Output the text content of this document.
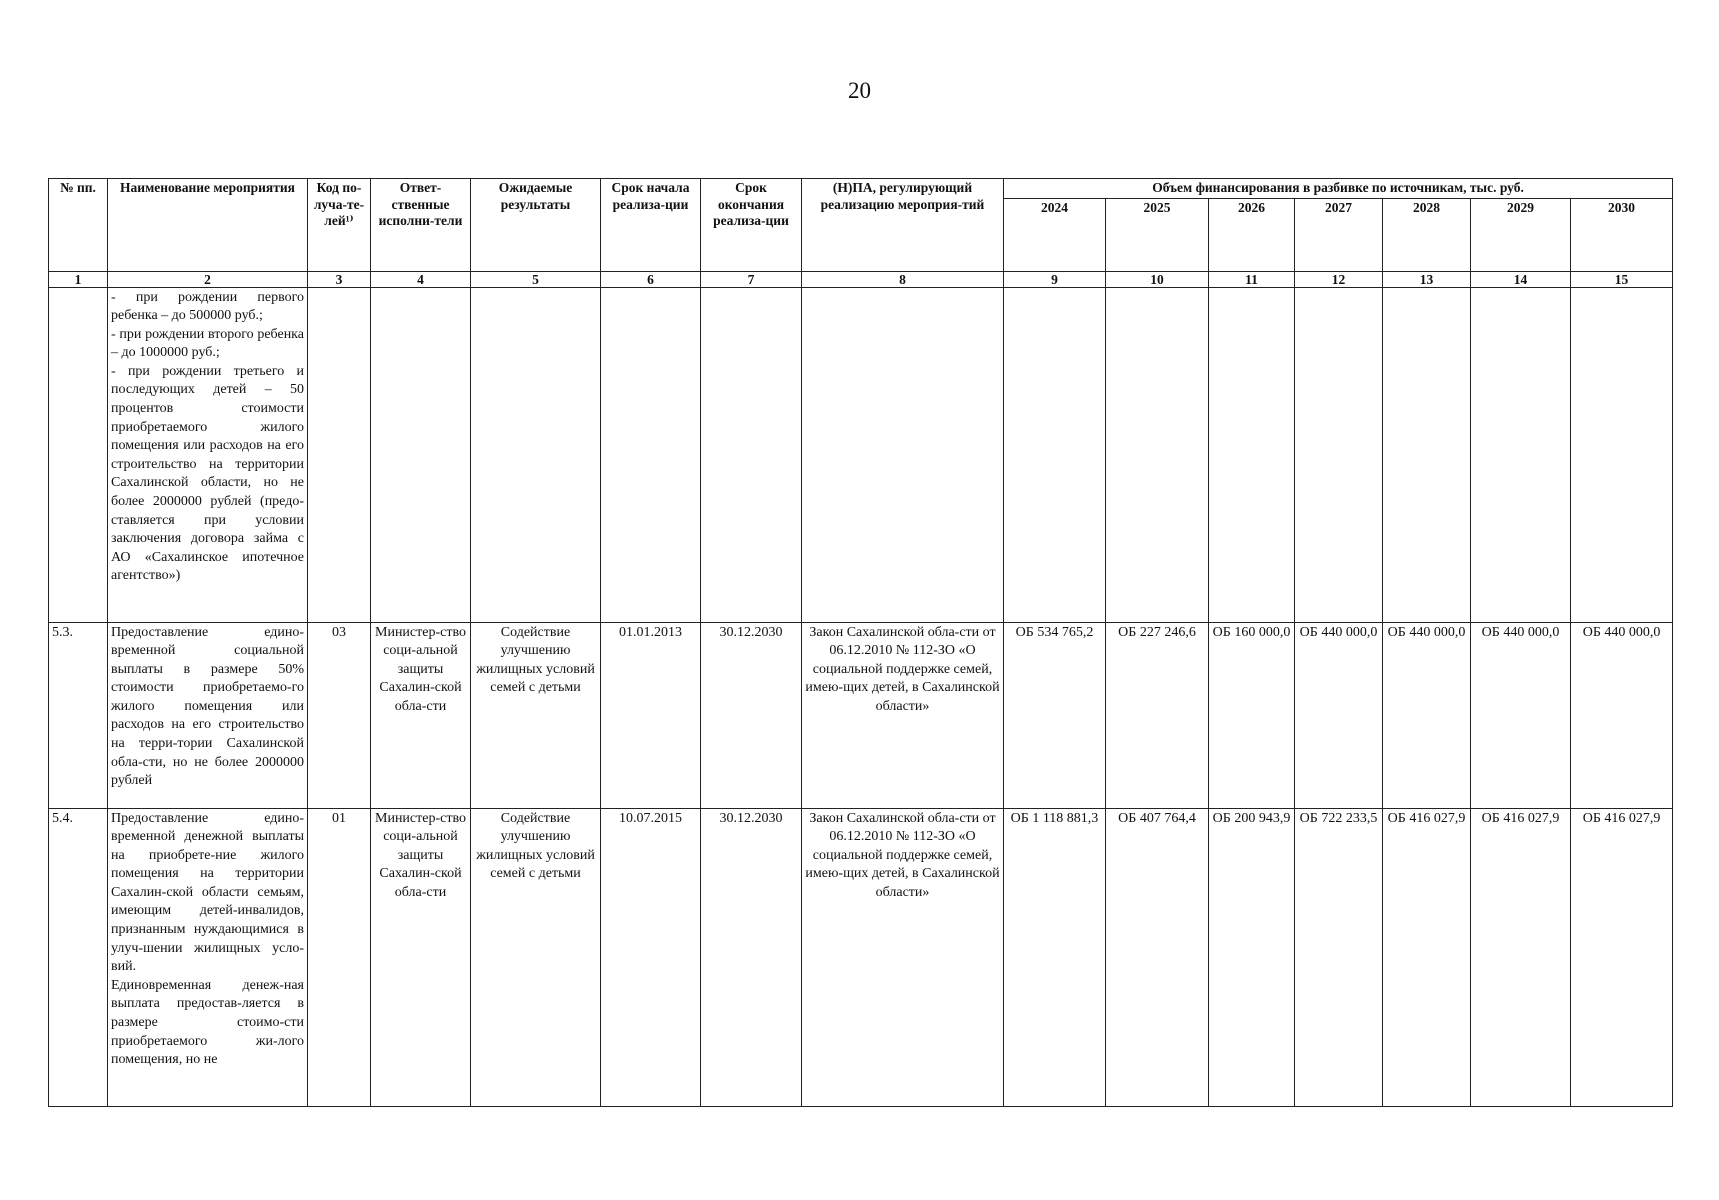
20
№ пп.	Наименование мероприятия	Код по-луча-те-лей¹⁾	Ответ-ственные исполни-тели	Ожидаемые результаты	Срок начала реализа-ции	Срок окончания реализа-ции	(Н)ПА, регулирующий реализацию мероприя-тий	Объем финансирования в разбивке по источникам, тыс. руб.						
								2024	2025	2026	2027	2028	2029	2030
1	2	3	4	5	6	7	8	9	10	11	12	13	14	15
	- при рождении первого ребенка – до 500000 руб.;
- при рождении второго ребенка – до 1000000 руб.;
- при рождении третьего и последующих детей – 50 процентов стоимости приобретаемого жилого помещения или расходов на его строительство на территории Сахалинской области, но не более 2000000 рублей (предо-ставляется при условии заключения договора займа с АО «Сахалинское ипотечное агентство»)													
5.3.	Предоставление едино-временной социальной выплаты в размере 50% стоимости приобретаемо-го жилого помещения или расходов на его строительство на терри-тории Сахалинской обла-сти, но не более 2000000 рублей	03	Министер-ство соци-альной защиты Сахалин-ской обла-сти	Содействие улучшению жилищных условий семей с детьми	01.01.2013	30.12.2030	Закон Сахалинской обла-сти от 06.12.2010 № 112-ЗО «О социальной поддержке семей, имею-щих детей, в Сахалинской области»	ОБ 534 765,2	ОБ 227 246,6	ОБ 160 000,0	ОБ 440 000,0	ОБ 440 000,0	ОБ 440 000,0	ОБ 440 000,0
5.4.	Предоставление едино-временной денежной выплаты на приобрете-ние жилого помещения на территории Сахалин-ской области семьям, имеющим детей-инвалидов, признанным нуждающимися в улуч-шении жилищных усло-вий.
Единовременная денеж-ная выплата предостав-ляется в размере стоимо-сти приобретаемого жи-лого помещения, но не	01	Министер-ство соци-альной защиты Сахалин-ской обла-сти	Содействие улучшению жилищных условий семей с детьми	10.07.2015	30.12.2030	Закон Сахалинской обла-сти от 06.12.2010 № 112-ЗО «О социальной поддержке семей, имею-щих детей, в Сахалинской области»	ОБ 1 118 881,3	ОБ 407 764,4	ОБ 200 943,9	ОБ 722 233,5	ОБ 416 027,9	ОБ 416 027,9	ОБ 416 027,9
